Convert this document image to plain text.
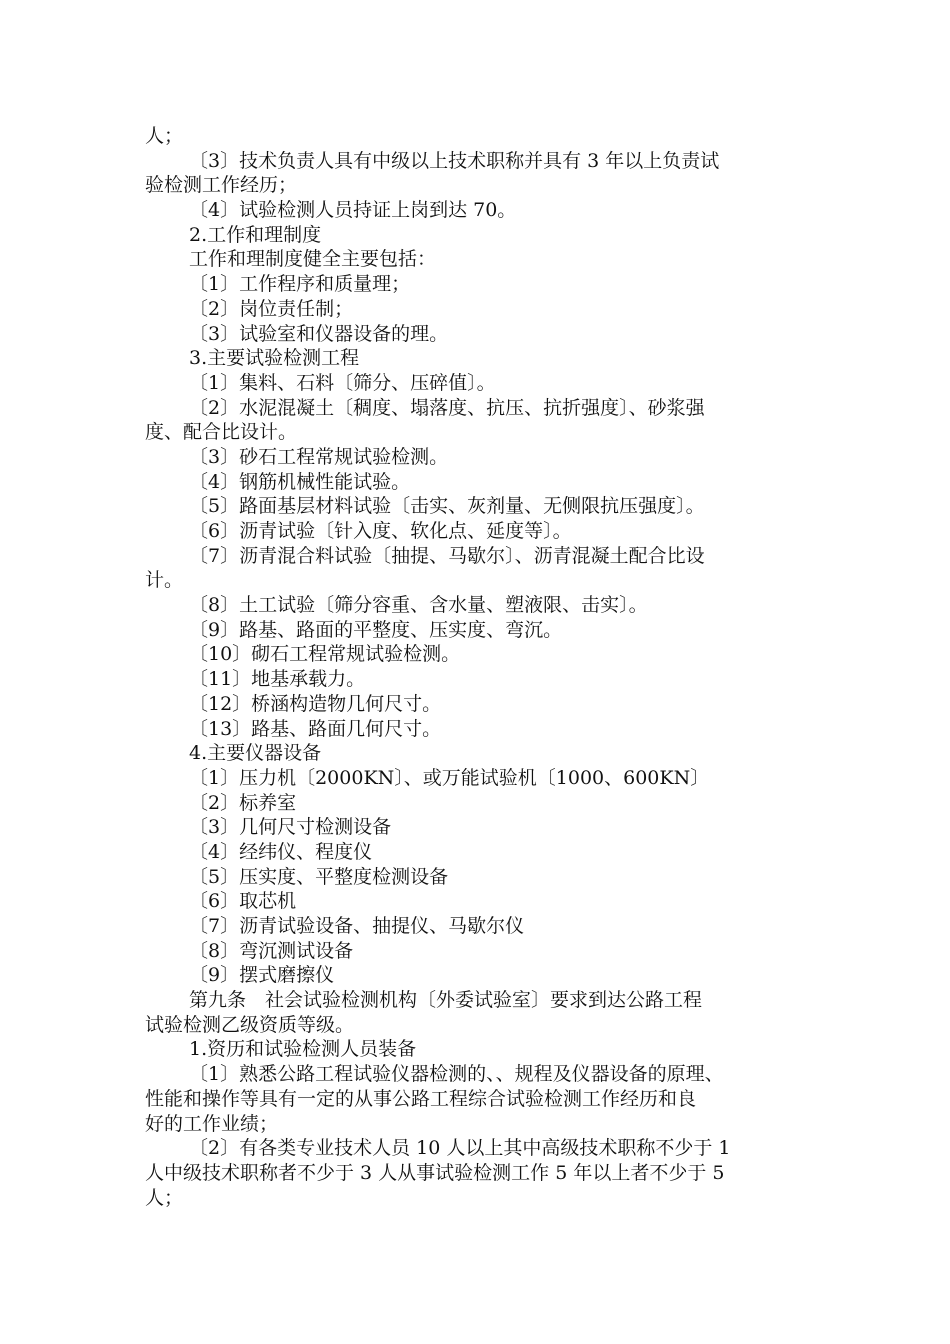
人；
〔3〕技术负责人具有中级以上技术职称并具有 3 年以上负责试
验检测工作经历；
〔4〕试验检测人员持证上岗到达 70。
2.工作和理制度
工作和理制度健全主要包括：
〔1〕工作程序和质量理；
〔2〕岗位责任制；
〔3〕试验室和仪器设备的理。
3.主要试验检测工程
〔1〕集料、石料〔筛分、压碎值〕。
〔2〕水泥混凝土〔稠度、塌落度、抗压、抗折强度〕、砂浆强
度、配合比设计。
〔3〕砂石工程常规试验检测。
〔4〕钢筋机械性能试验。
〔5〕路面基层材料试验〔击实、灰剂量、无侧限抗压强度〕。
〔6〕沥青试验〔针入度、软化点、延度等〕。
〔7〕沥青混合料试验〔抽提、马歇尔〕、沥青混凝土配合比设
计。
〔8〕土工试验〔筛分容重、含水量、塑液限、击实〕。
〔9〕路基、路面的平整度、压实度、弯沉。
〔10〕砌石工程常规试验检测。
〔11〕地基承载力。
〔12〕桥涵构造物几何尺寸。
〔13〕路基、路面几何尺寸。
4.主要仪器设备
〔1〕压力机〔2000KN〕、或万能试验机〔1000、600KN〕
〔2〕标养室
〔3〕几何尺寸检测设备
〔4〕经纬仪、程度仪
〔5〕压实度、平整度检测设备
〔6〕取芯机
〔7〕沥青试验设备、抽提仪、马歇尔仪
〔8〕弯沉测试设备
〔9〕摆式磨擦仪
第九条　社会试验检测机构〔外委试验室〕要求到达公路工程
试验检测乙级资质等级。
1.资历和试验检测人员装备
〔1〕熟悉公路工程试验仪器检测的、、规程及仪器设备的原理、
性能和操作等具有一定的从事公路工程综合试验检测工作经历和良
好的工作业绩；
〔2〕有各类专业技术人员 10 人以上其中高级技术职称不少于 1
人中级技术职称者不少于 3 人从事试验检测工作 5 年以上者不少于 5
人；
